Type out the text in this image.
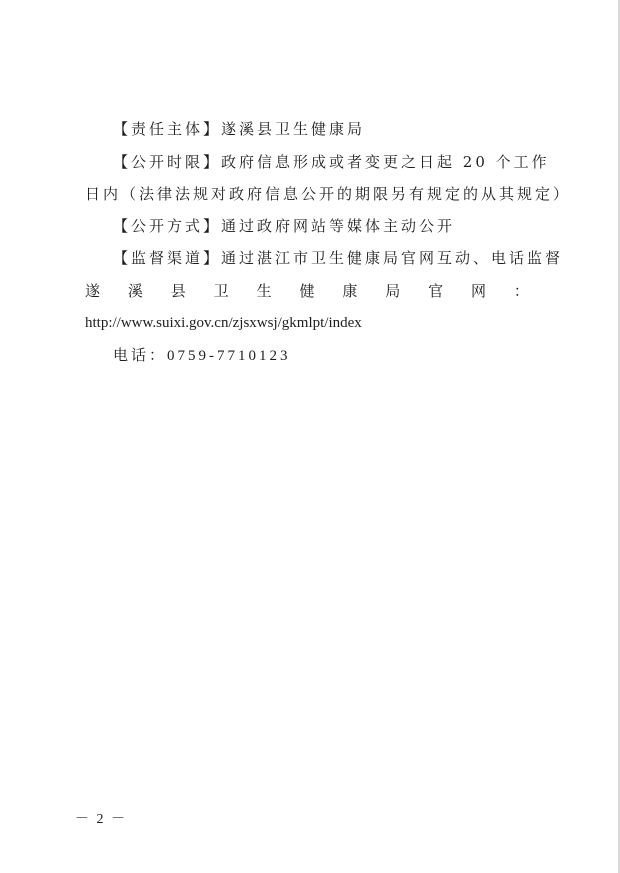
【责任主体】遂溪县卫生健康局
【公开时限】政府信息形成或者变更之日起 20 个工作
日内（法律法规对政府信息公开的期限另有规定的从其规定）
【公开方式】通过政府网站等媒体主动公开
【监督渠道】通过湛江市卫生健康局官网互动、电话监督
遂 溪 县 卫 生 健 康 局 官 网 ：
http://www.suixi.gov.cn/zjsxwsj/gkmlpt/index
电话：0759-7710123
－ 2 －
